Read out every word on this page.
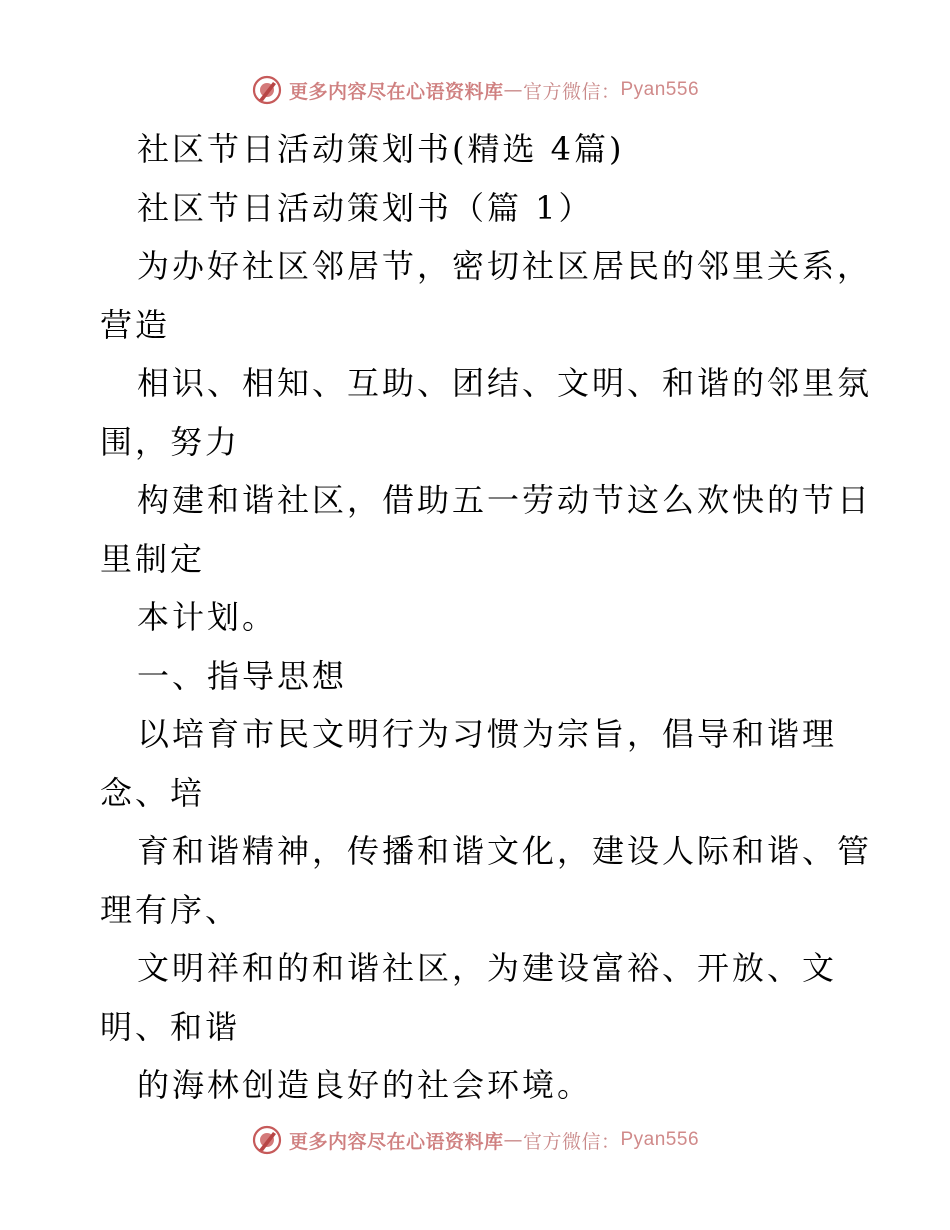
更多内容尽在心语资料库 — 官方微信： Pyan556
社区节日活动策划书(精选 4篇)
社区节日活动策划书（篇 1）
为办好社区邻居节，密切社区居民的邻里关系，
营造
相识、相知、互助、团结、文明、和谐的邻里氛
围，努力
构建和谐社区，借助五一劳动节这么欢快的节日
里制定
本计划。
一、指导思想
以培育市民文明行为习惯为宗旨，倡导和谐理
念、培
育和谐精神，传播和谐文化，建设人际和谐、管
理有序、
文明祥和的和谐社区，为建设富裕、开放、文
明、和谐
的海林创造良好的社会环境。
更多内容尽在心语资料库 — 官方微信： Pyan556
